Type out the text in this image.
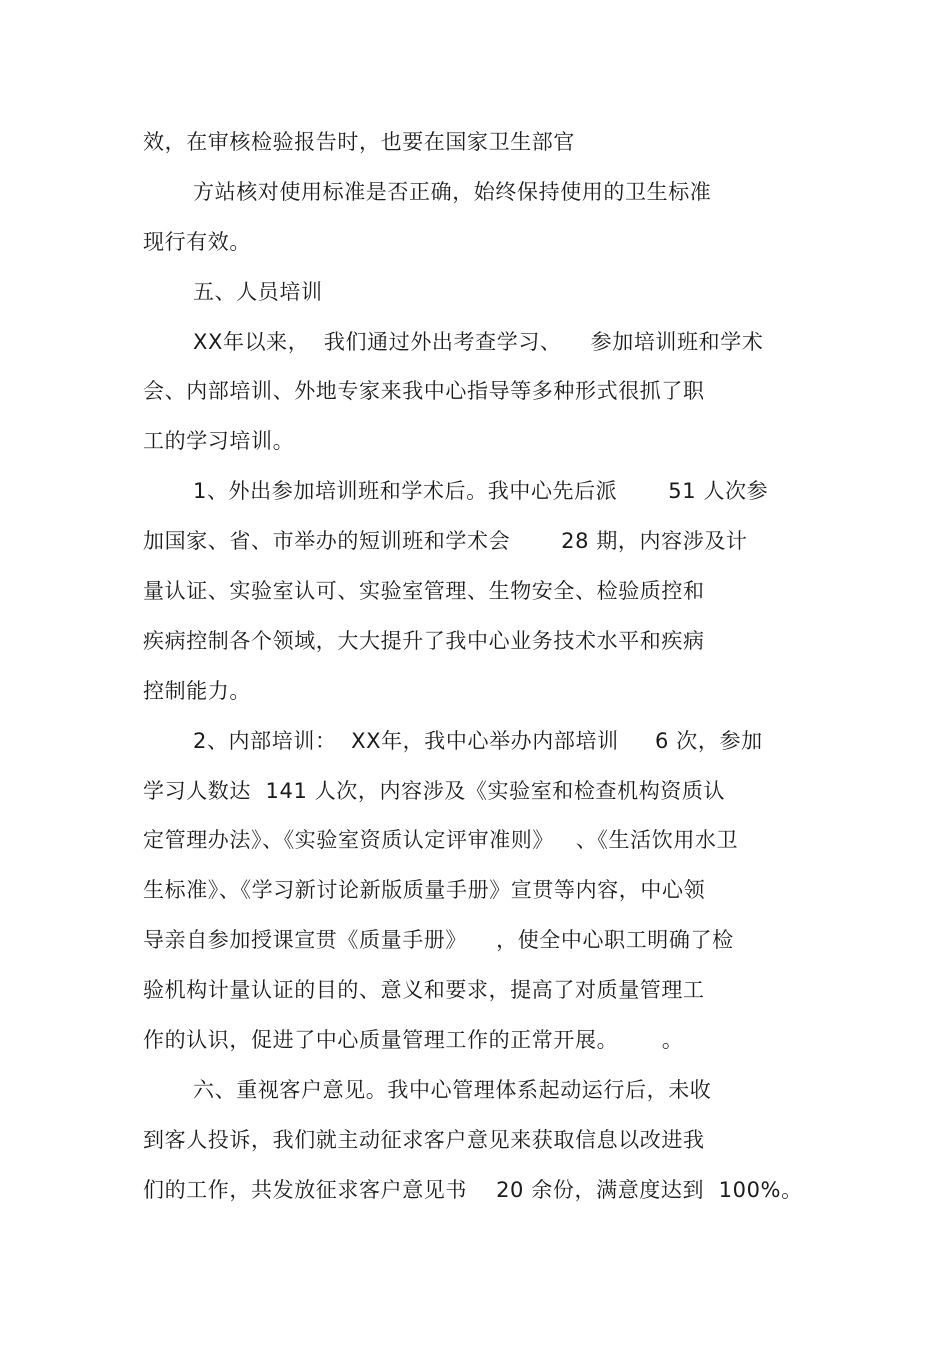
效，在审核检验报告时，也要在国家卫生部官
方站核对使用标准是否正确，始终保持使用的卫生标准
现行有效。
五、人员培训
XX年以来，  我们通过外出考查学习、    参加培训班和学术
会、内部培训、外地专家来我中心指导等多种形式很抓了职
工的学习培训。
1、外出参加培训班和学术后。我中心先后派       51 人次参
加国家、省、市举办的短训班和学术会       28 期，内容涉及计
量认证、实验室认可、实验室管理、生物安全、检验质控和
疾病控制各个领域，大大提升了我中心业务技术水平和疾病
控制能力。
2、内部培训：  XX年，我中心举办内部培训     6 次，参加
学习人数达  141 人次，内容涉及《实验室和检查机构资质认
定管理办法》、《实验室资质认定评审准则》   、《生活饮用水卫
生标准》、《学习新讨论新版质量手册》宣贯等内容，中心领
导亲自参加授课宣贯《质量手册》    ，使全中心职工明确了检
验机构计量认证的目的、意义和要求，提高了对质量管理工
作的认识，促进了中心质量管理工作的正常开展。      。
六、重视客户意见。我中心管理体系起动运行后，未收
到客人投诉，我们就主动征求客户意见来获取信息以改进我
们的工作，共发放征求客户意见书    20 余份，满意度达到  100%。
